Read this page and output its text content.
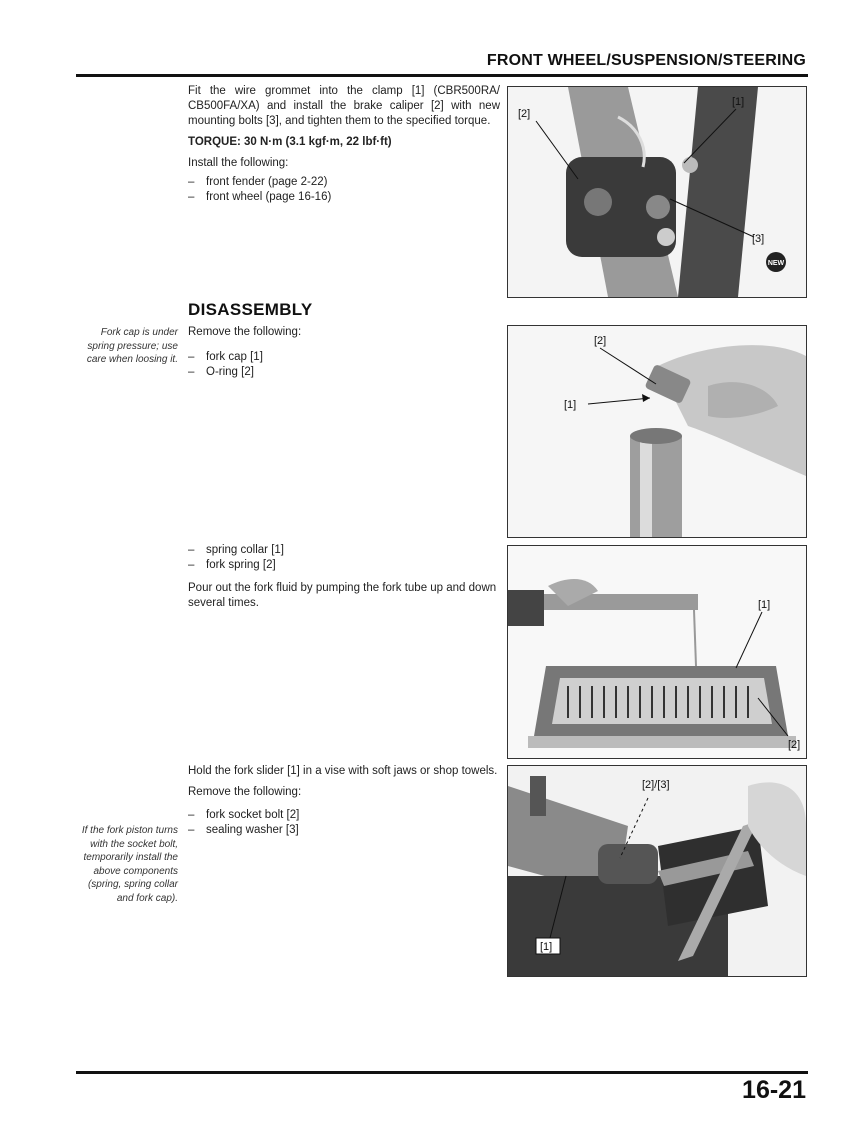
FRONT WHEEL/SUSPENSION/STEERING

Fit the wire grommet into the clamp [1] (CBR500RA/ CB500FA/XA) and install the brake caliper [2] with new mounting bolts [3], and tighten them to the specified torque.

TORQUE: 30 N·m (3.1 kgf·m, 22 lbf·ft)

Install the following:

– front fender (page 2-22)
– front wheel (page 16-16)
[2]
[1]
[3]
NEW
DISASSEMBLY
Fork cap is under spring pressure; use care when loosing it.

Remove the following:

– fork cap [1]
– O-ring [2]
[2]
[1]
– spring collar [1]
– fork spring [2]

Pour out the fork fluid by pumping the fork tube up and down several times.	[1]
[2]

Hold the fork slider [1] in a vise with soft jaws or shop towels.

Remove the following:

– fork socket bolt [2]
– sealing washer [3]
If the fork piston turns with the socket bolt, temporarily install the above components (spring, spring collar and fork cap).
[2]/[3]
[1]
16-21
